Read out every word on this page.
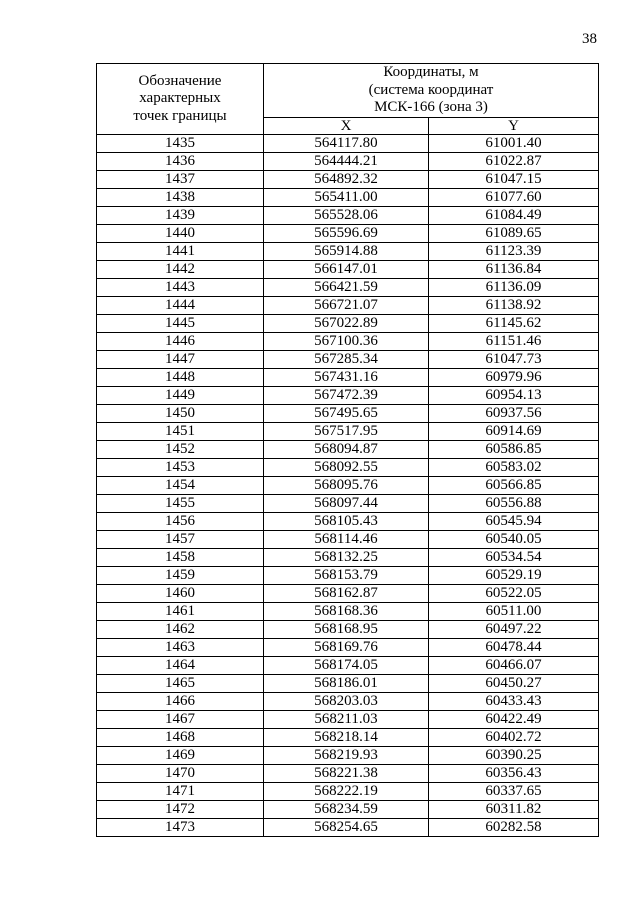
38
Обозначение
характерных
точек границы	Координаты, м
(система координат
МСК-166 (зона 3)	

	X	Y
1435	564117.80	61001.40
1436	564444.21	61022.87
1437	564892.32	61047.15
1438	565411.00	61077.60
1439	565528.06	61084.49
1440	565596.69	61089.65
1441	565914.88	61123.39
1442	566147.01	61136.84
1443	566421.59	61136.09
1444	566721.07	61138.92
1445	567022.89	61145.62
1446	567100.36	61151.46
1447	567285.34	61047.73
1448	567431.16	60979.96
1449	567472.39	60954.13
1450	567495.65	60937.56
1451	567517.95	60914.69
1452	568094.87	60586.85
1453	568092.55	60583.02
1454	568095.76	60566.85
1455	568097.44	60556.88
1456	568105.43	60545.94
1457	568114.46	60540.05
1458	568132.25	60534.54
1459	568153.79	60529.19
1460	568162.87	60522.05
1461	568168.36	60511.00
1462	568168.95	60497.22
1463	568169.76	60478.44
1464	568174.05	60466.07
1465	568186.01	60450.27
1466	568203.03	60433.43
1467	568211.03	60422.49
1468	568218.14	60402.72
1469	568219.93	60390.25
1470	568221.38	60356.43
1471	568222.19	60337.65
1472	568234.59	60311.82
1473	568254.65	60282.58
